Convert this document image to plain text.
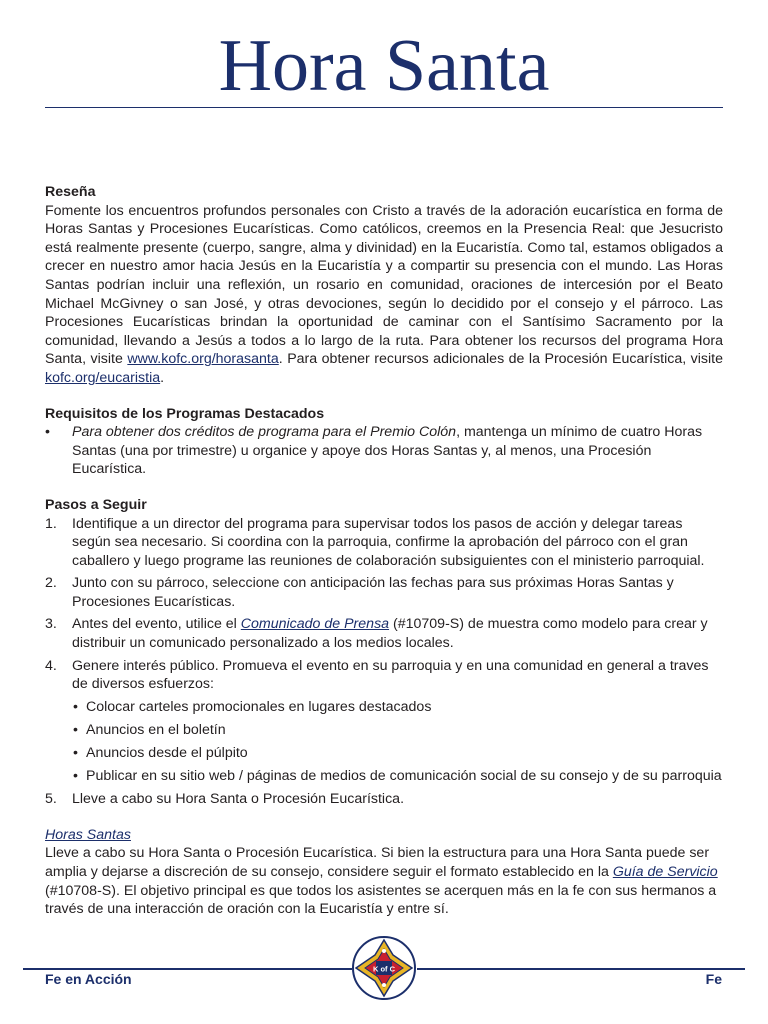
Hora Santa

Reseña

Fomente los encuentros profundos personales con Cristo a través de la adoración eucarística en forma de Horas Santas y Procesiones Eucarísticas. Como católicos, creemos en la Presencia Real: que Jesucristo está realmente presente (cuerpo, sangre, alma y divinidad) en la Eucaristía. Como tal, estamos obligados a crecer en nuestro amor hacia Jesús en la Eucaristía y a compartir su presencia con el mundo. Las Horas Santas podrían incluir una reflexión, un rosario en comunidad, oraciones de intercesión por el Beato Michael McGivney o san José, y otras devociones, según lo decidido por el consejo y el párroco. Las Procesiones Eucarísticas brindan la oportunidad de caminar con el Santísimo Sacramento por la comunidad, llevando a Jesús a todos a lo largo de la ruta. Para obtener los recursos del programa Hora Santa, visite www.kofc.org/horasanta. Para obtener recursos adicionales de la Procesión Eucarística, visite kofc.org/eucaristia.

Requisitos de los Programas Destacados

• Para obtener dos créditos de programa para el Premio Colón, mantenga un mínimo de cuatro Horas Santas (una por trimestre) u organice y apoye dos Horas Santas y, al menos, una Procesión Eucarística.

Pasos a Seguir

1. Identifique a un director del programa para supervisar todos los pasos de acción y delegar tareas según sea necesario. Si coordina con la parroquia, confirme la aprobación del párroco con el gran caballero y luego programe las reuniones de colaboración subsiguientes con el ministerio parroquial.
2. Junto con su párroco, seleccione con anticipación las fechas para sus próximas Horas Santas y Procesiones Eucarísticas.
3. Antes del evento, utilice el Comunicado de Prensa (#10709-S) de muestra como modelo para crear y distribuir un comunicado personalizado a los medios locales.
4. Genere interés público. Promueva el evento en su parroquia y en una comunidad en general a traves de diversos esfuerzos:
• Colocar carteles promocionales en lugares destacados
• Anuncios en el boletín
• Anuncios desde el púlpito
• Publicar en su sitio web / páginas de medios de comunicación social de su consejo y de su parroquia
5. Lleve a cabo su Hora Santa o Procesión Eucarística.

Horas Santas

Lleve a cabo su Hora Santa o Procesión Eucarística. Si bien la estructura para una Hora Santa puede ser amplia y dejarse a discreción de su consejo, considere seguir el formato establecido en la Guía de Servicio (#10708-S). El objetivo principal es que todos los asistentes se acerquen más en la fe con sus hermanos a través de una interacción de oración con la Eucaristía y entre sí.

Fe en Acción	Fe
K of C
